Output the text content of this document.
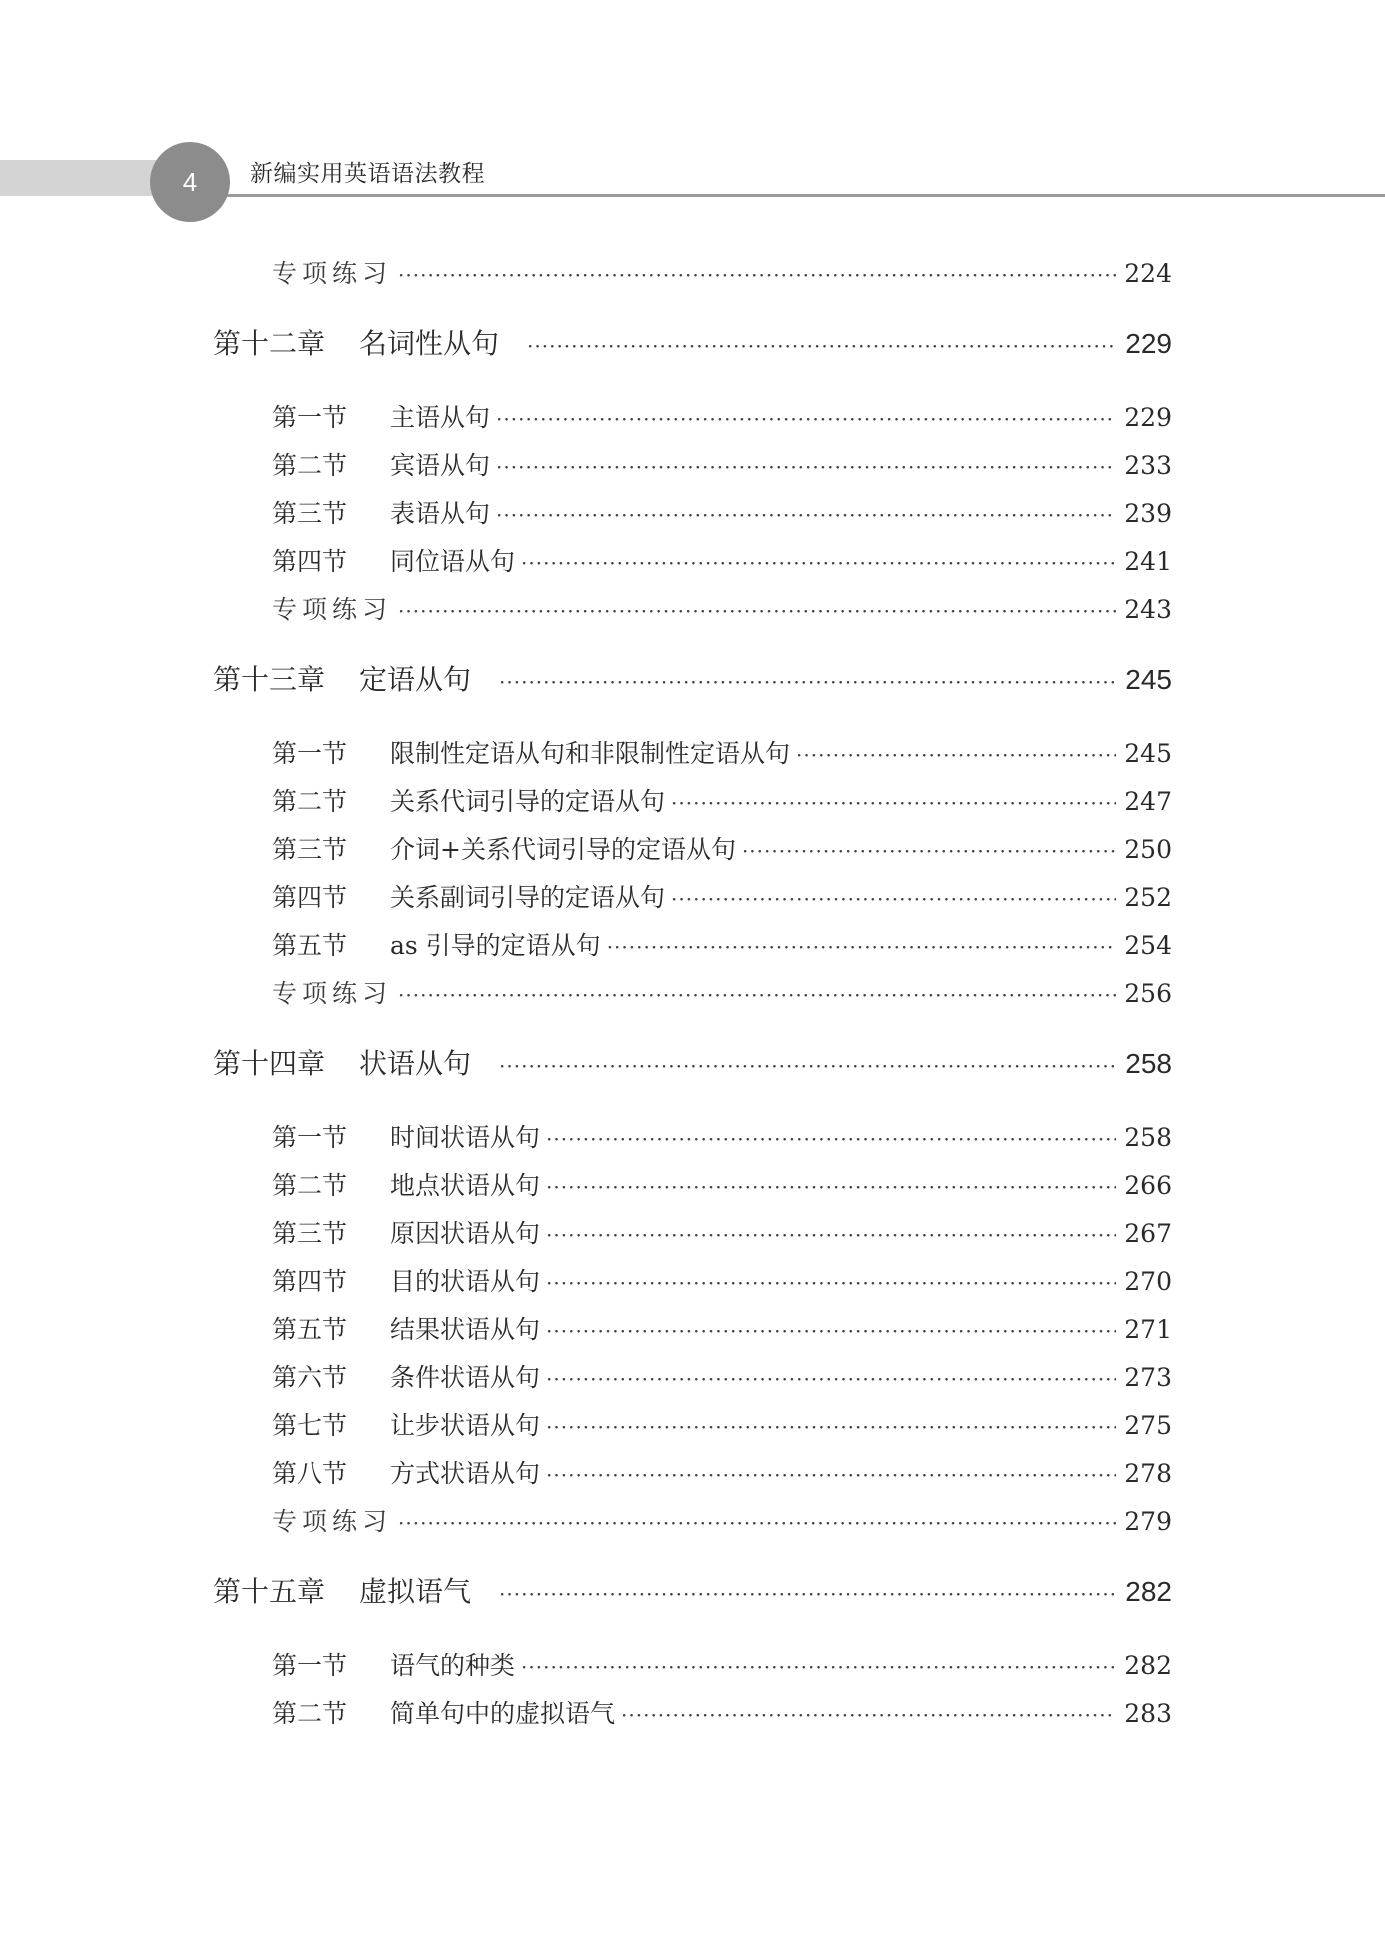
4 新编实用英语语法教程
专项练习 ·····	224
第十二章	名词性从句 ·····	229
第一节	主语从句 ·····	229
第二节	宾语从句 ·····	233
第三节	表语从句 ·····	239
第四节	同位语从句 ·····	241
专项练习 ·····	243
第十三章	定语从句 ·····	245
第一节	限制性定语从句和非限制性定语从句 ·····	245
第二节	关系代词引导的定语从句 ·····	247
第三节	介词+关系代词引导的定语从句 ·····	250
第四节	关系副词引导的定语从句 ·····	252
第五节	as 引导的定语从句 ·····	254
专项练习 ·····	256
第十四章	状语从句 ·····	258
第一节	时间状语从句 ·····	258
第二节	地点状语从句 ·····	266
第三节	原因状语从句 ·····	267
第四节	目的状语从句 ·····	270
第五节	结果状语从句 ·····	271
第六节	条件状语从句 ·····	273
第七节	让步状语从句 ·····	275
第八节	方式状语从句 ·····	278
专项练习 ·····	279
第十五章	虚拟语气 ·····	282
第一节	语气的种类 ·····	282
第二节	简单句中的虚拟语气 ·····	283
